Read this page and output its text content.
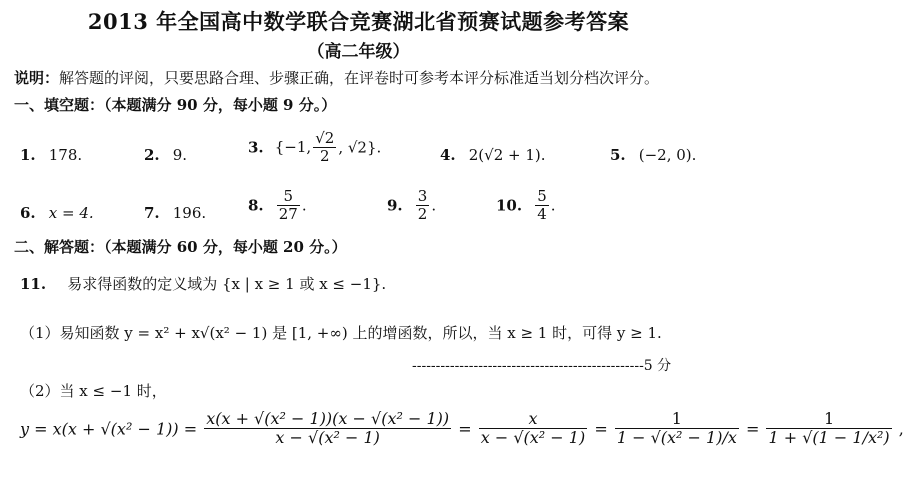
2013 年全国高中数学联合竞赛湖北省预赛试题参考答案
（高二年级）
说明：解答题的评阅，只要思路合理、步骤正确，在评卷时可参考本评分标准适当划分档次评分。
一、填空题：（本题满分 90 分，每小题 9 分。）
1. 178.	2. 9.	3. {−1, $\frac{√2}{2}$ , √2}.	4. 2(√2 + 1).	5. (−2, 0).
6. x = 4.	7. 196.	8. $\frac{5}{27}$ .	9. $\frac{3}{2}$ .	10. $\frac{5}{4}$ .
二、解答题：（本题满分 60 分，每小题 20 分。）
11. 易求得函数的定义域为 {x | x ≥ 1 或 x ≤ −1}.
（1）易知函数 y = x² + x√(x² − 1) 是 [1, +∞) 上的增函数，所以，当 x ≥ 1 时，可得 y ≥ 1.
-------------------------------------------------5 分
（2）当 x ≤ −1 时，
$y = x(x + √(x^2 - 1)) = \frac{\text{x(x + √(x² − 1))(x − √(x² − 1))}}{\text{x − √(x² − 1)}} = \frac{x}{\text{x − √(x² − 1)}} = \frac{1}{\text{1 − √(x² − 1)/x}} = \frac{1}{\text{1 + √(1 − 1/x²)}}$ ,
